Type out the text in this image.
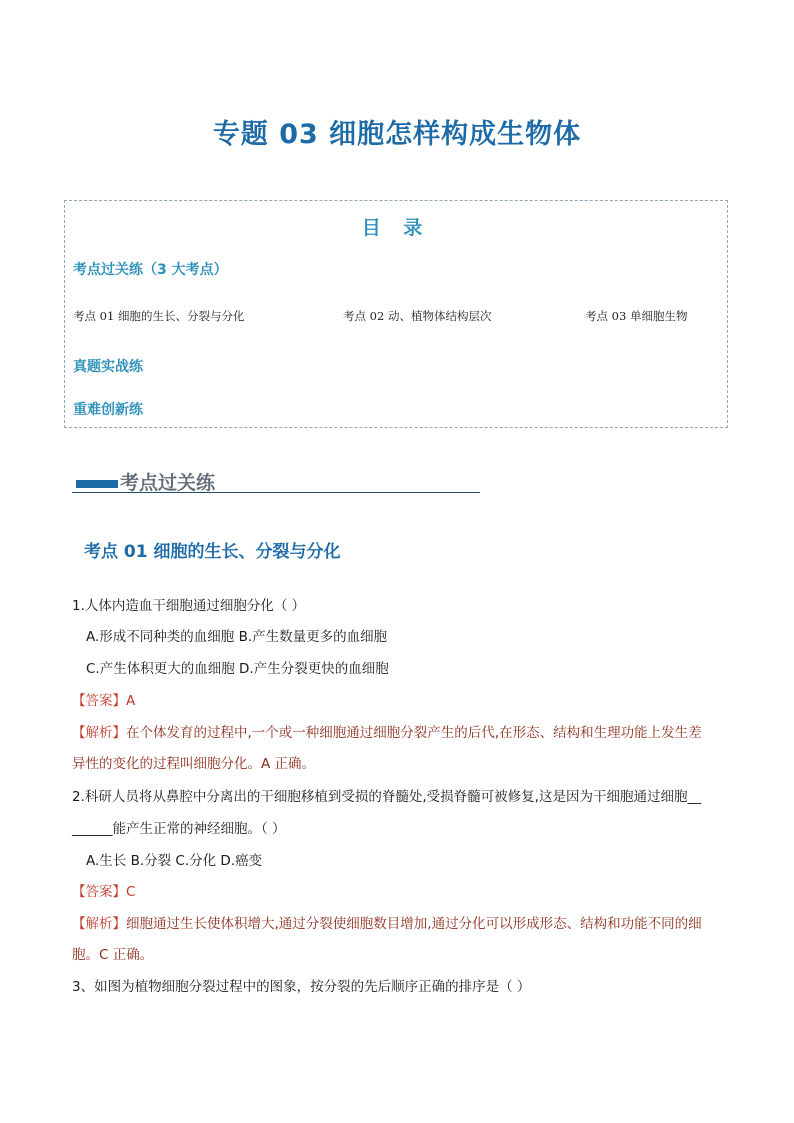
专题 03 细胞怎样构成生物体
目 录
考点过关练（3 大考点）
考点 01 细胞的生长、分裂与分化	考点 02 动、植物体结构层次	考点 03 单细胞生物
真题实战练
重难创新练
考点过关练
考点 01 细胞的生长、分裂与分化
1.人体内造血干细胞通过细胞分化（ ）
A.形成不同种类的血细胞 B.产生数量更多的血细胞
C.产生体积更大的血细胞 D.产生分裂更快的血细胞
【答案】A
【解析】在个体发育的过程中,一个或一种细胞通过细胞分裂产生的后代,在形态、结构和生理功能上发生差
异性的变化的过程叫细胞分化。A 正确。
2.科研人员将从鼻腔中分离出的干细胞移植到受损的脊髓处,受损脊髓可被修复,这是因为干细胞通过细胞__
______能产生正常的神经细胞。（ ）
A.生长 B.分裂 C.分化 D.癌变
【答案】C
【解析】细胞通过生长使体积增大,通过分裂使细胞数目增加,通过分化可以形成形态、结构和功能不同的细
胞。C 正确。
3、如图为植物细胞分裂过程中的图象，按分裂的先后顺序正确的排序是（ ）
